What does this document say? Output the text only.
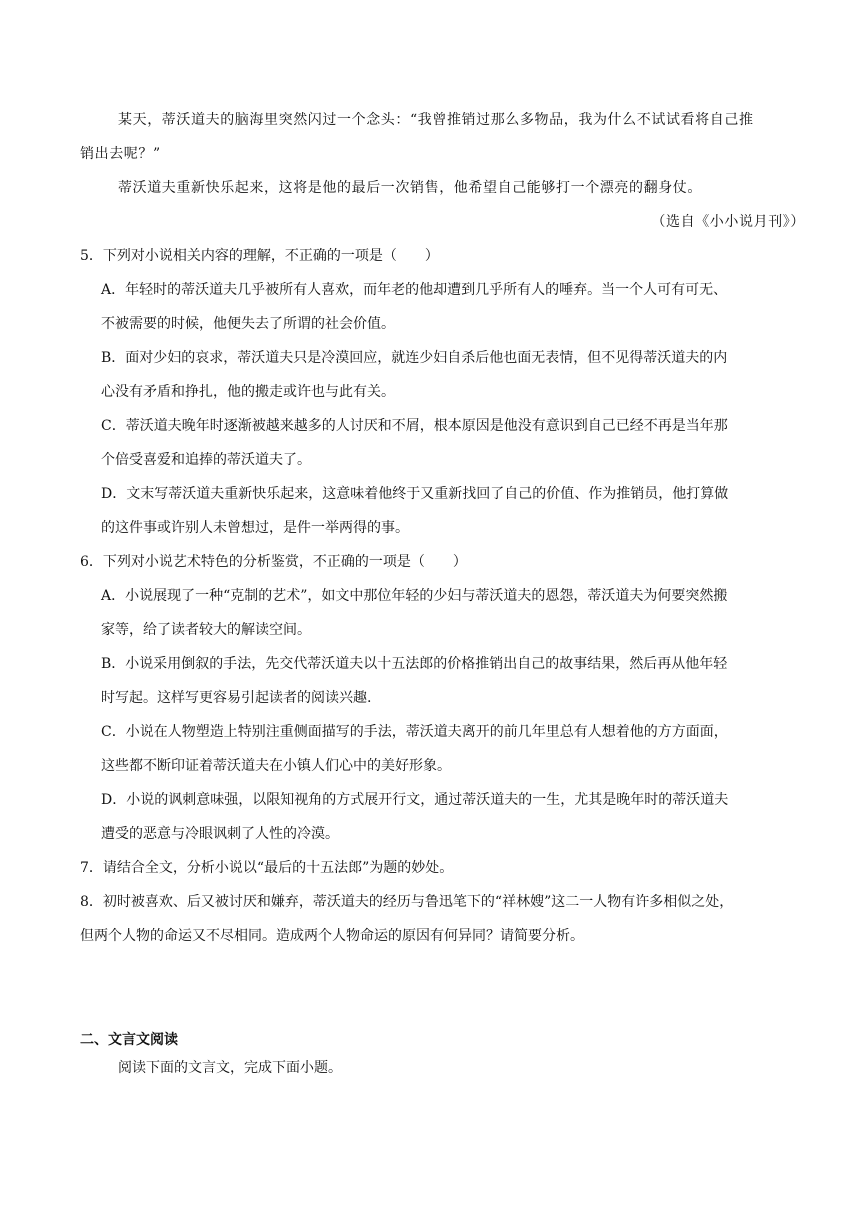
某天，蒂沃道夫的脑海里突然闪过一个念头：“我曾推销过那么多物品，我为什么不试试看将自己推
销出去呢？”
蒂沃道夫重新快乐起来，这将是他的最后一次销售，他希望自己能够打一个漂亮的翻身仗。
（选自《小小说月刊》）
5．下列对小说相关内容的理解，不正确的一项是（　　）
A．年轻时的蒂沃道夫几乎被所有人喜欢，而年老的他却遭到几乎所有人的唾弃。当一个人可有可无、
不被需要的时候，他便失去了所谓的社会价值。
B．面对少妇的哀求，蒂沃道夫只是冷漠回应，就连少妇自杀后他也面无表情，但不见得蒂沃道夫的内
心没有矛盾和挣扎，他的搬走或许也与此有关。
C．蒂沃道夫晚年时逐渐被越来越多的人讨厌和不屑，根本原因是他没有意识到自己已经不再是当年那
个倍受喜爱和追捧的蒂沃道夫了。
D．文末写蒂沃道夫重新快乐起来，这意味着他终于又重新找回了自己的价值、作为推销员，他打算做
的这件事或许别人未曾想过，是件一举两得的事。
6．下列对小说艺术特色的分析鉴赏，不正确的一项是（　　）
A．小说展现了一种“克制的艺术”，如文中那位年轻的少妇与蒂沃道夫的恩怨，蒂沃道夫为何要突然搬
家等，给了读者较大的解读空间。
B．小说采用倒叙的手法，先交代蒂沃道夫以十五法郎的价格推销出自己的故事结果，然后再从他年轻
时写起。这样写更容易引起读者的阅读兴趣.
C．小说在人物塑造上特别注重侧面描写的手法，蒂沃道夫离开的前几年里总有人想着他的方方面面，
这些都不断印证着蒂沃道夫在小镇人们心中的美好形象。
D．小说的讽刺意味强，以限知视角的方式展开行文，通过蒂沃道夫的一生，尤其是晚年时的蒂沃道夫
遭受的恶意与冷眼讽刺了人性的冷漠。
7．请结合全文，分析小说以“最后的十五法郎”为题的妙处。
8．初时被喜欢、后又被讨厌和嫌弃，蒂沃道夫的经历与鲁迅笔下的“祥林嫂”这二一人物有许多相似之处，
但两个人物的命运又不尽相同。造成两个人物命运的原因有何异同？请简要分析。
二、文言文阅读
阅读下面的文言文，完成下面小题。
